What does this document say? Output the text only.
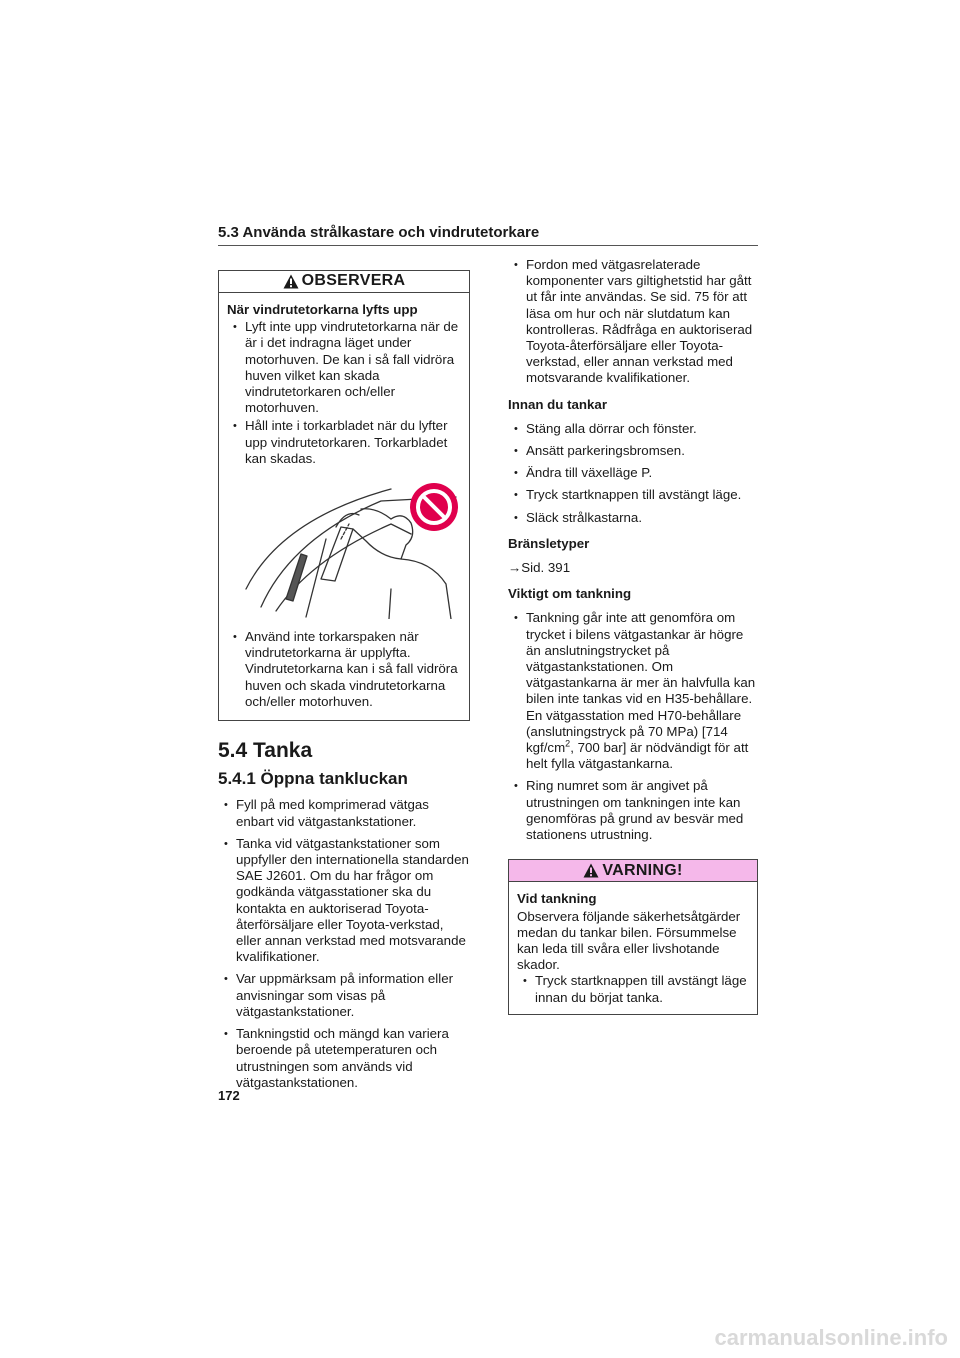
5.3 Använda strålkastare och vindrutetorkare
OBSERVERA
När vindrutetorkarna lyfts upp
• Lyft inte upp vindrutetorkarna när de är i det indragna läget under motorhuven. De kan i så fall vidröra huven vilket kan skada vindrutetorkaren och/eller motorhuven.
• Håll inte i torkarbladet när du lyfter upp vindrutetorkaren. Torkarbladet kan skadas.
• Använd inte torkarspaken när vindrutetorkarna är upplyfta. Vindrutetorkarna kan i så fall vidröra huven och skada vindrutetorkarna och/eller motorhuven.
5.4 Tanka
5.4.1 Öppna tankluckan
• Fyll på med komprimerad vätgas enbart vid vätgastankstationer.
• Tanka vid vätgastankstationer som uppfyller den internationella standarden SAE J2601. Om du har frågor om godkända vätgasstationer ska du kontakta en auktoriserad Toyota-återförsäljare eller Toyota-verkstad, eller annan verkstad med motsvarande kvalifikationer.
• Var uppmärksam på information eller anvisningar som visas på vätgastankstationer.
• Tankningstid och mängd kan variera beroende på utetemperaturen och utrustningen som används vid vätgastankstationen.
• Fordon med vätgasrelaterade komponenter vars giltighetstid har gått ut får inte användas. Se sid. 75 för att läsa om hur och när slutdatum kan kontrolleras. Rådfråga en auktoriserad Toyota-återförsäljare eller Toyota-verkstad, eller annan verkstad med motsvarande kvalifikationer.
Innan du tankar
• Stäng alla dörrar och fönster.
• Ansätt parkeringsbromsen.
• Ändra till växelläge P.
• Tryck startknappen till avstängt läge.
• Släck strålkastarna.
Bränsletyper
→Sid. 391
Viktigt om tankning
• Tankning går inte att genomföra om trycket i bilens vätgastankar är högre än anslutningstrycket på vätgastankstationen. Om vätgastankarna är mer än halvfulla kan bilen inte tankas vid en H35-behållare. En vätgasstation med H70-behållare (anslutningstryck på 70 MPa) [714 kgf/$cm^2$, 700 bar] är nödvändigt för att helt fylla vätgastankarna.
• Ring numret som är angivet på utrustningen om tankningen inte kan genomföras på grund av besvär med stationens utrustning.
VARNING!
Vid tankning
Observera följande säkerhetsåtgärder medan du tankar bilen. Försummelse kan leda till svåra eller livshotande skador.
• Tryck startknappen till avstängt läge innan du börjat tanka.
172
carmanualsonline.info
